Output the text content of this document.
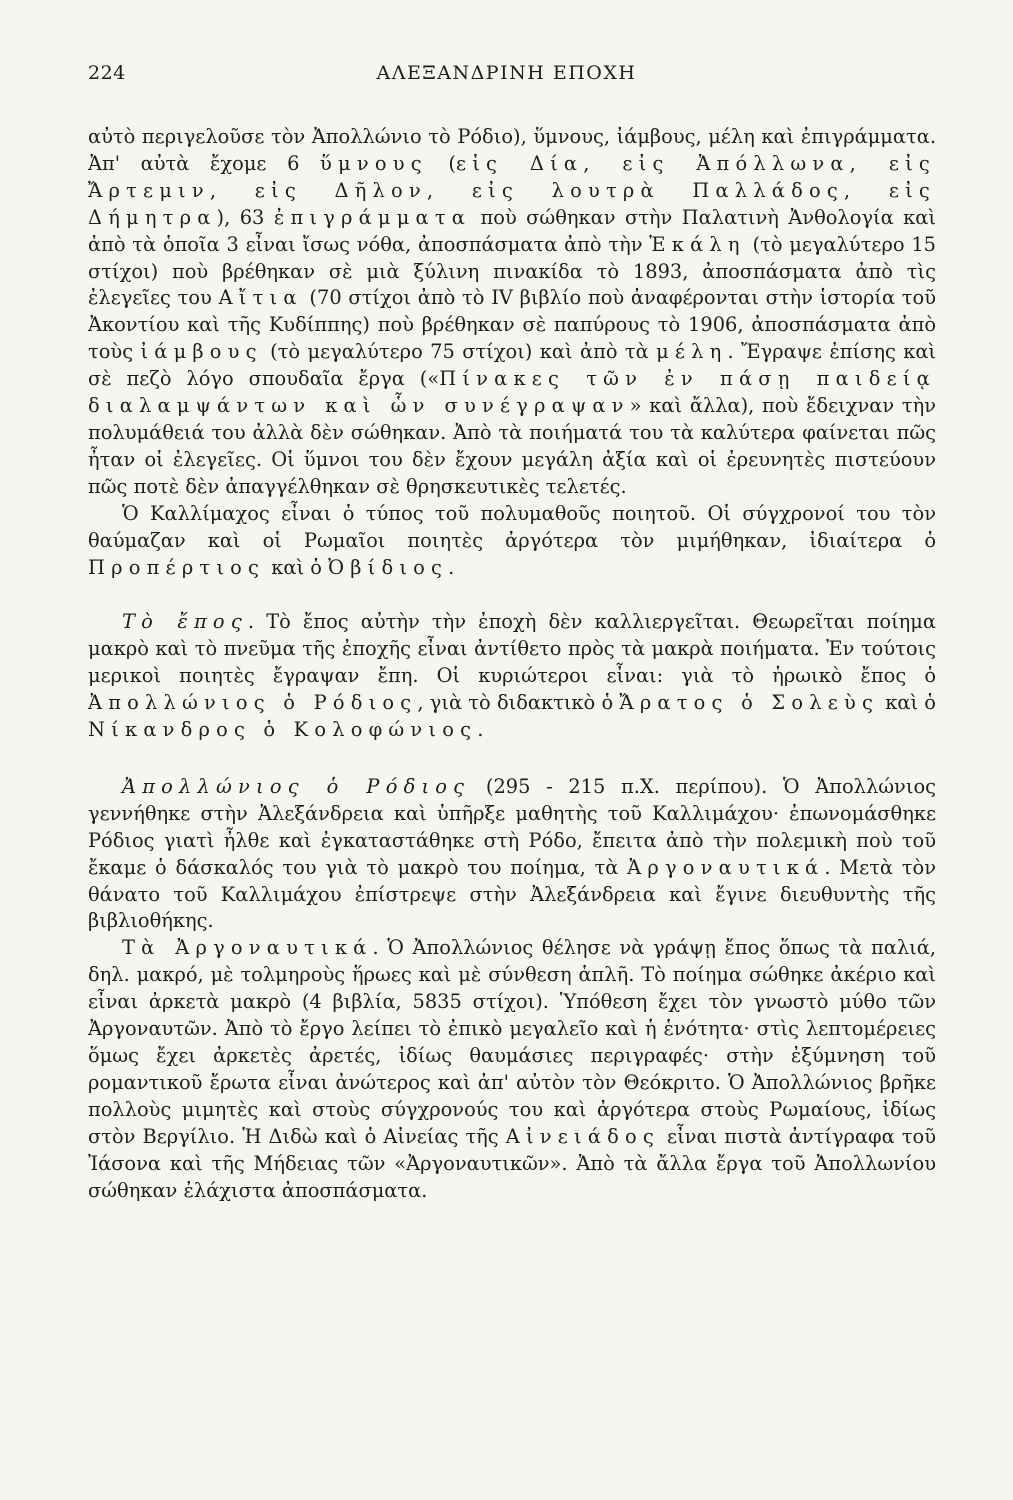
224	ΑΛΕΞΑΝΔΡΙΝΗ ΕΠΟΧΗ

αὐτὸ περιγελοῦσε τὸν Ἀπολλώνιο τὸ Ρόδιο), ὕμνους, ἰάμβους, μέλη καὶ ἐπιγράμματα. Ἀπ' αὐτὰ ἔχομε 6 ὕμνους (εἰς Δία, εἰς Ἀπόλλωνα, εἰς Ἄρτεμιν, εἰς Δῆλον, εἰς λουτρὰ Παλλάδος, εἰς Δήμητρα), 63 ἐπιγράμματα ποὺ σώθηκαν στὴν Παλατινὴ Ἀνθολογία καὶ ἀπὸ τὰ ὁποῖα 3 εἶναι ἴσως νόθα, ἀποσπάσματα ἀπὸ τὴν Ἑκάλη (τὸ μεγαλύτερο 15 στίχοι) ποὺ βρέθηκαν σὲ μιὰ ξύλινη πινακίδα τὸ 1893, ἀποσπάσματα ἀπὸ τὶς ἐλεγεῖες του Αἴτια (70 στίχοι ἀπὸ τὸ IV βιβλίο ποὺ ἀναφέρονται στὴν ἱστορία τοῦ Ἀκοντίου καὶ τῆς Κυδίππης) ποὺ βρέθηκαν σὲ παπύρους τὸ 1906, ἀποσπάσματα ἀπὸ τοὺς ἰάμβους (τὸ μεγαλύτερο 75 στίχοι) καὶ ἀπὸ τὰ μέλη. Ἔγραψε ἐπίσης καὶ σὲ πεζὸ λόγο σπουδαῖα ἔργα («Πίνακες τῶν ἐν πάσῃ παιδείᾳ διαλαμψάντων καὶ ὧν συνέγραψαν» καὶ ἄλλα), ποὺ ἔδειχναν τὴν πολυμάθειά του ἀλλὰ δὲν σώθηκαν. Ἀπὸ τὰ ποιήματά του τὰ καλύτερα φαίνεται πῶς ἦταν οἱ ἐλεγεῖες. Οἱ ὕμνοι του δὲν ἔχουν μεγάλη ἀξία καὶ οἱ ἐρευνητὲς πιστεύουν πῶς ποτὲ δὲν ἀπαγγέλθηκαν σὲ θρησκευτικὲς τελετές.

Ὁ Καλλίμαχος εἶναι ὁ τύπος τοῦ πολυμαθοῦς ποιητοῦ. Οἱ σύγχρονοί του τὸν θαύμαζαν καὶ οἱ Ρωμαῖοι ποιητὲς ἀργότερα τὸν μιμήθηκαν, ἰδιαίτερα ὁ Προπέρτιος καὶ ὁ Ὀβίδιος.

Τὸ ἔπος. Τὸ ἔπος αὐτὴν τὴν ἐποχὴ δὲν καλλιεργεῖται. Θεωρεῖται ποίημα μακρὸ καὶ τὸ πνεῦμα τῆς ἐποχῆς εἶναι ἀντίθετο πρὸς τὰ μακρὰ ποιήματα. Ἐν τούτοις μερικοὶ ποιητὲς ἔγραψαν ἔπη. Οἱ κυριώτεροι εἶναι: γιὰ τὸ ἡρωικὸ ἔπος ὁ Ἀπολλώνιος ὁ Ρόδιος, γιὰ τὸ διδακτικὸ ὁ Ἄρατος ὁ Σολεὺς καὶ ὁ Νίκανδρος ὁ Κολοφώνιος.

Ἀπολλώνιος ὁ Ρόδιος (295 - 215 π.Χ. περίπου). Ὁ Ἀπολλώνιος γεννήθηκε στὴν Ἀλεξάνδρεια καὶ ὑπῆρξε μαθητὴς τοῦ Καλλιμάχου· ἐπωνομάσθηκε Ρόδιος γιατὶ ἦλθε καὶ ἐγκαταστάθηκε στὴ Ρόδο, ἔπειτα ἀπὸ τὴν πολεμικὴ ποὺ τοῦ ἔκαμε ὁ δάσκαλός του γιὰ τὸ μακρὸ του ποίημα, τὰ Ἀργοναυτικά. Μετὰ τὸν θάνατο τοῦ Καλλιμάχου ἐπίστρεψε στὴν Ἀλεξάνδρεια καὶ ἔγινε διευθυντὴς τῆς βιβλιοθήκης.

Τὰ Ἀργοναυτικά. Ὁ Ἀπολλώνιος θέλησε νὰ γράψῃ ἔπος ὅπως τὰ παλιά, δηλ. μακρό, μὲ τολμηροὺς ἥρωες καὶ μὲ σύνθεση ἁπλῆ. Τὸ ποίημα σώθηκε ἀκέριο καὶ εἶναι ἀρκετὰ μακρὸ (4 βιβλία, 5835 στίχοι). Ὑπόθεση ἔχει τὸν γνωστὸ μύθο τῶν Ἀργοναυτῶν. Ἀπὸ τὸ ἔργο λείπει τὸ ἐπικὸ μεγαλεῖο καὶ ἡ ἑνότητα· στὶς λεπτομέρειες ὅμως ἔχει ἀρκετὲς ἀρετές, ἰδίως θαυμάσιες περιγραφές· στὴν ἐξύμνηση τοῦ ρομαντικοῦ ἔρωτα εἶναι ἀνώτερος καὶ ἀπ' αὐτὸν τὸν Θεόκριτο. Ὁ Ἀπολλώνιος βρῆκε πολλοὺς μιμητὲς καὶ στοὺς σύγχρονούς του καὶ ἀργότερα στοὺς Ρωμαίους, ἰδίως στὸν Βεργίλιο. Ἡ Διδὼ καὶ ὁ Αἰνείας τῆς Αἰνειάδος εἶναι πιστὰ ἀντίγραφα τοῦ Ἰάσονα καὶ τῆς Μήδειας τῶν «Ἀργοναυτικῶν». Ἀπὸ τὰ ἄλλα ἔργα τοῦ Ἀπολλωνίου σώθηκαν ἐλάχιστα ἀποσπάσματα.
